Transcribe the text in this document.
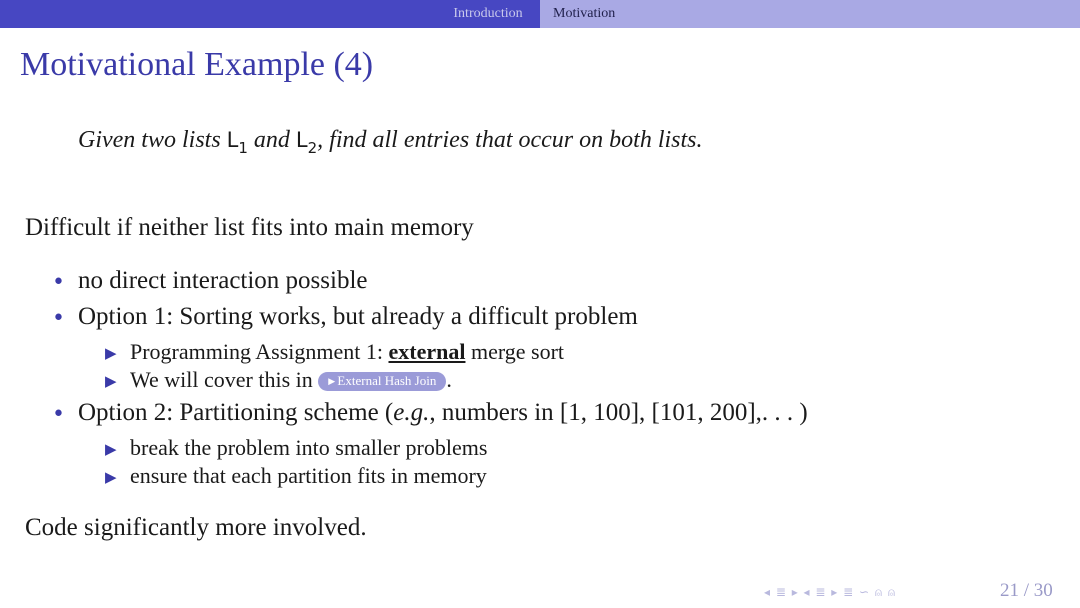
Introduction	Motivation
Motivational Example (4)
Given two lists $L_1$ and $L_2$, find all entries that occur on both lists.
Difficult if neither list fits into main memory
• no direct interaction possible
• Option 1: Sorting works, but already a difficult problem
▶ Programming Assignment 1: external merge sort
▶ We will cover this in ▶ External Hash Join .
• Option 2: Partitioning scheme (e.g., numbers in [1, 100], [101, 200],. . . )
▶ break the problem into smaller problems
▶ ensure that each partition fits in memory
Code significantly more involved.
◂ ≣ ▸ ◂ ≣ ▸ ≣ ∽ ⍝ ⍝	21 / 30
